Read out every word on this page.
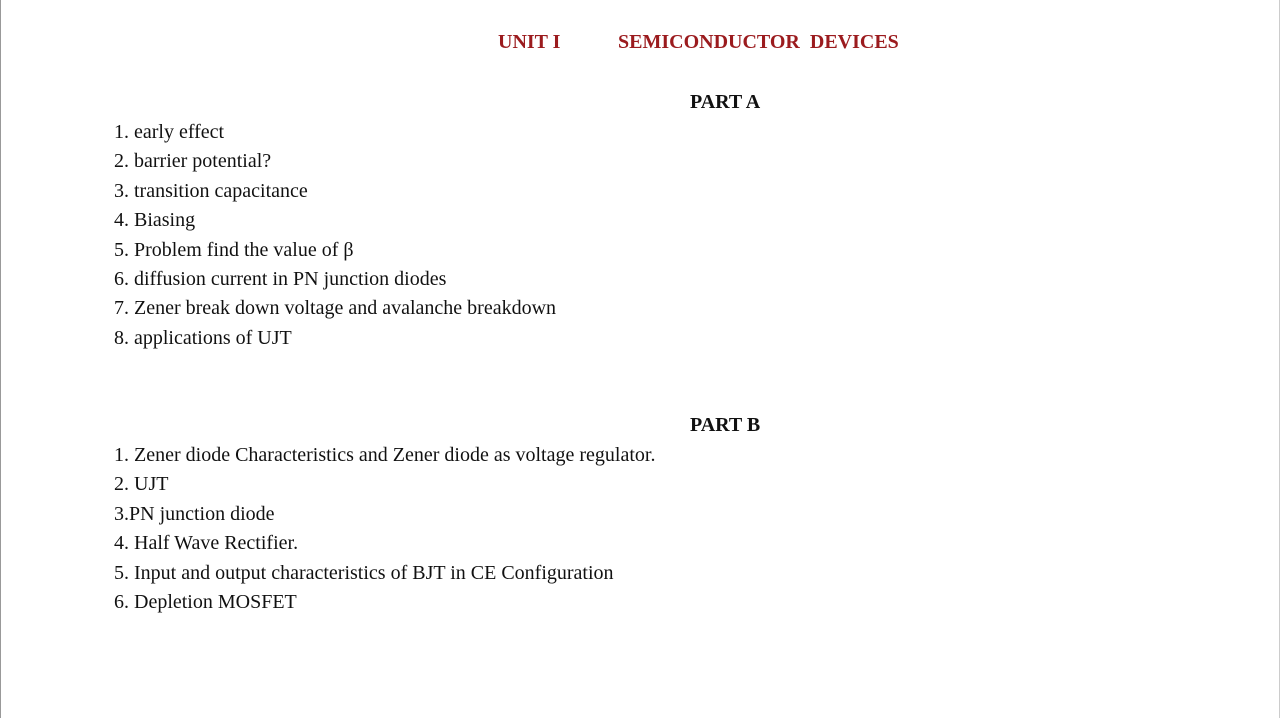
UNIT I	SEMICONDUCTOR  DEVICES
PART A
1. early effect
2. barrier potential?
3. transition capacitance
4. Biasing
5. Problem find the value of β
6. diffusion current in PN junction diodes
7. Zener break down voltage and avalanche breakdown
8. applications of UJT
PART B
1. Zener diode Characteristics and Zener diode as voltage regulator.
2. UJT
3.PN junction diode
4. Half Wave Rectifier.
5. Input and output characteristics of BJT in CE Configuration
6. Depletion MOSFET
